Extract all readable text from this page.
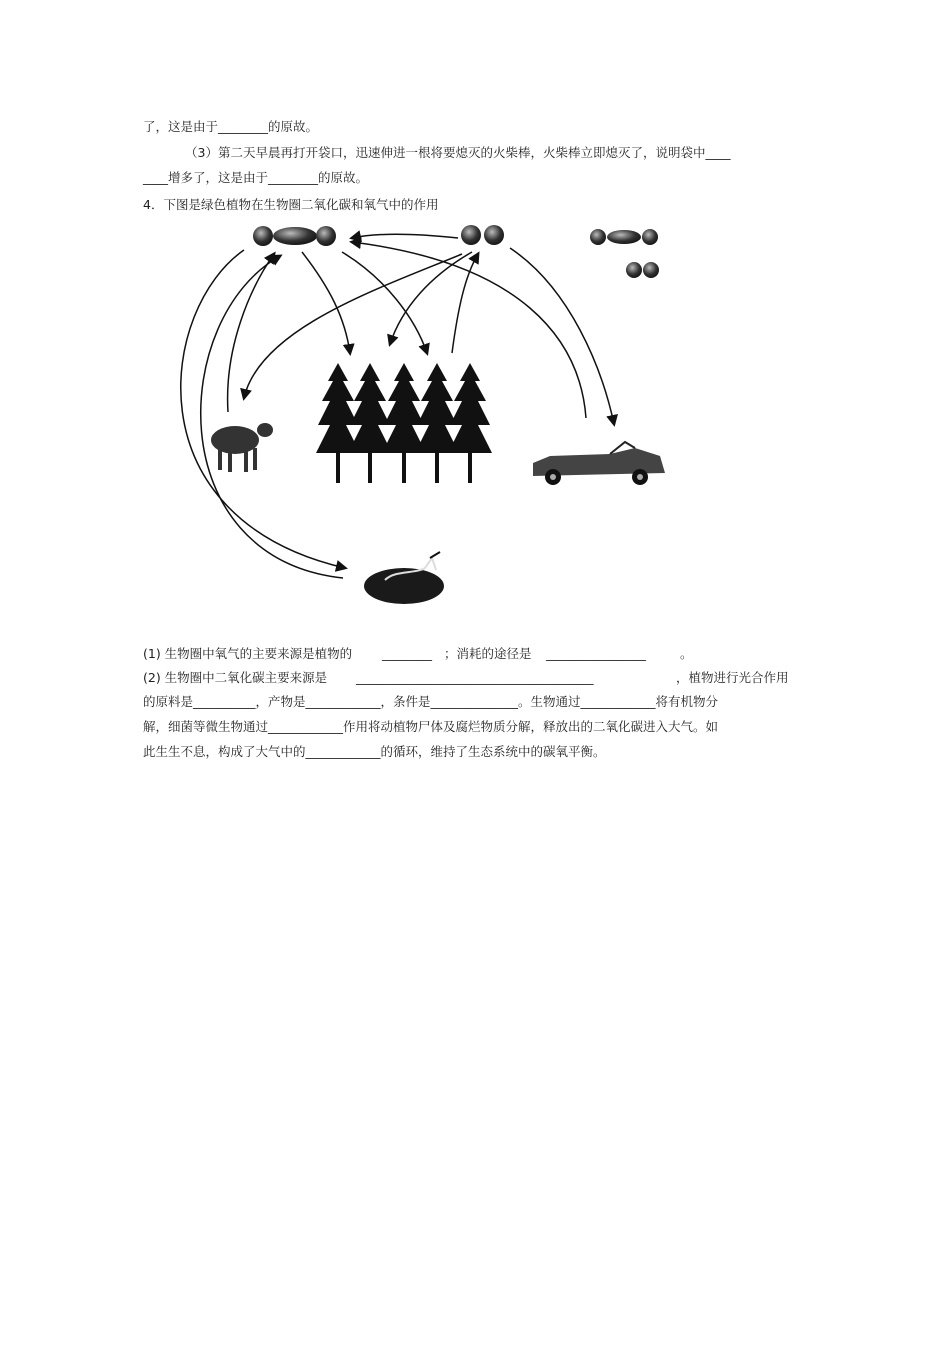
了，这是由于________的原故。
（3）第二天早晨再打开袋口，迅速伸进一根将要熄灭的火柴棒，火柴棒立即熄灭了，说明袋中____
____增多了，这是由于________的原故。
4．下图是绿色植物在生物圈二氧化碳和氧气中的作用
(1) 生物圈中氧气的主要来源是植物的 ________ ；消耗的途径是 ________________	。
(2) 生物圈中二氧化碳主要来源是 ______________________________________	，植物进行光合作用
的原料是__________，产物是____________，条件是______________。生物通过____________将有机物分
解，细菌等微生物通过____________作用将动植物尸体及腐烂物质分解，释放出的二氧化碳进入大气。如
此生生不息，构成了大气中的____________的循环，维持了生态系统中的碳氧平衡。
